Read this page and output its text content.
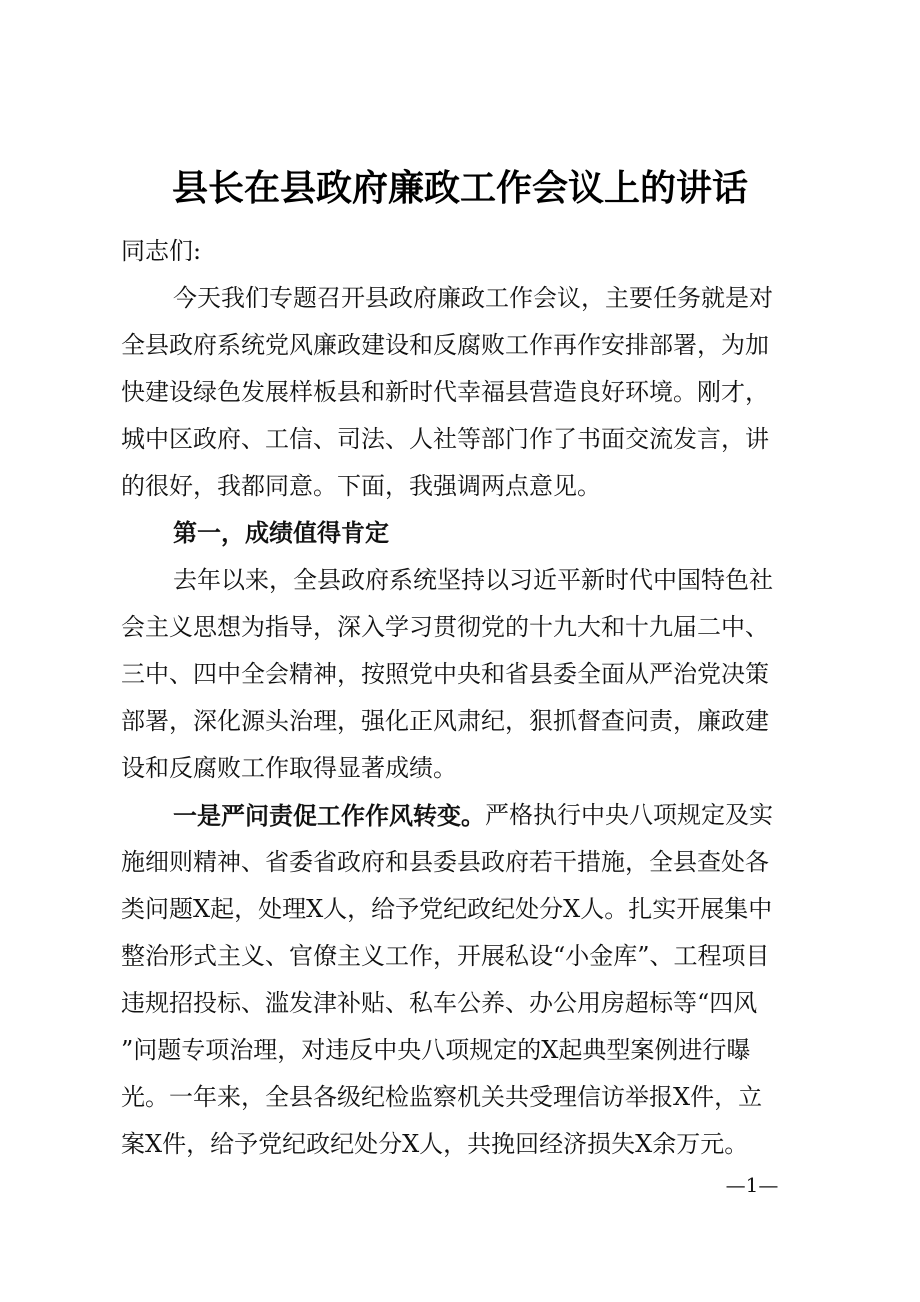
县长在县政府廉政工作会议上的讲话
同志们:
今天我们专题召开县政府廉政工作会议，主要任务就是对
全县政府系统党风廉政建设和反腐败工作再作安排部署，为加
快建设绿色发展样板县和新时代幸福县营造良好环境。刚才，
城中区政府、工信、司法、人社等部门作了书面交流发言，讲
的很好，我都同意。下面，我强调两点意见。
第一，成绩值得肯定
去年以来，全县政府系统坚持以习近平新时代中国特色社
会主义思想为指导，深入学习贯彻党的十九大和十九届二中、
三中、四中全会精神，按照党中央和省县委全面从严治党决策
部署，深化源头治理，强化正风肃纪，狠抓督查问责，廉政建
设和反腐败工作取得显著成绩。
一是严问责促工作作风转变。 严格执行中央八项规定及实
施细则精神、省委省政府和县委县政府若干措施，全县查处各
类问题X起，处理X人，给予党纪政纪处分X人。扎实开展集中
整治形式主义、官僚主义工作，开展私设“小金库”、工程项目
违规招投标、滥发津补贴、私车公养、办公用房超标等“四风
”问题专项治理，对违反中央八项规定的X起典型案例进行曝
光。一年来，全县各级纪检监察机关共受理信访举报X件，立
案X件，给予党纪政纪处分X人，共挽回经济损失X余万元。
—1—
